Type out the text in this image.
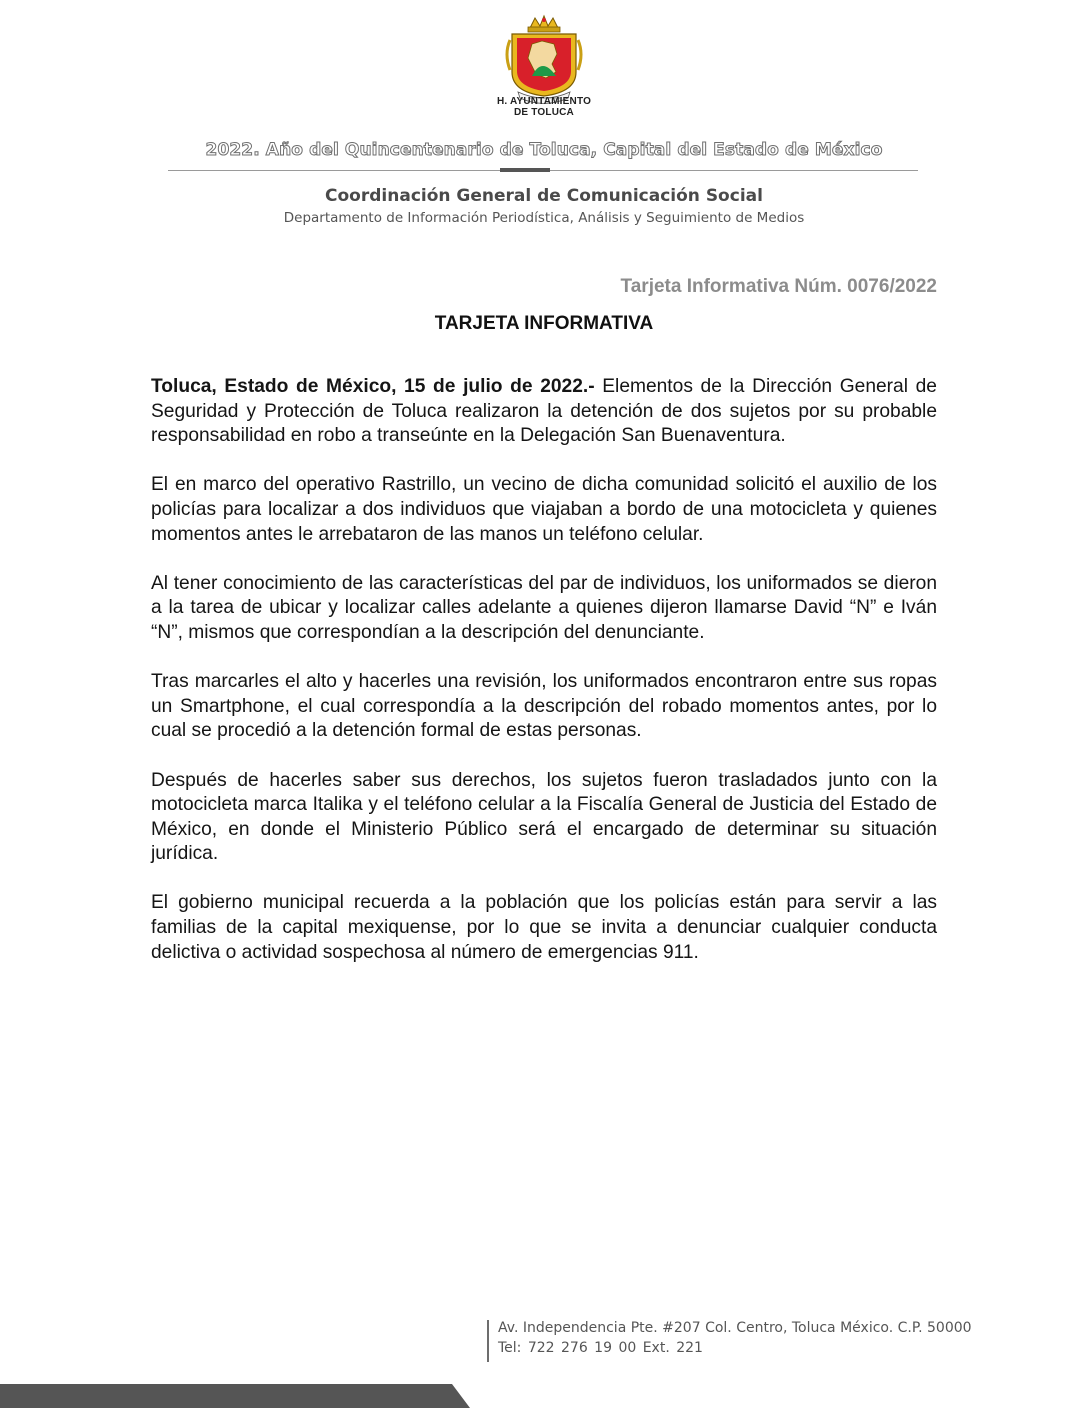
H. AYUNTAMIENTO
DE TOLUCA
2022. Año del Quincentenario de Toluca, Capital del Estado de México
Coordinación General de Comunicación Social
Departamento de Información Periodística, Análisis y Seguimiento de Medios
Tarjeta Informativa Núm. 0076/2022
TARJETA INFORMATIVA

Toluca, Estado de México, 15 de julio de 2022.- Elementos de la Dirección General de Seguridad y Protección de Toluca realizaron la detención de dos sujetos por su probable responsabilidad en robo a transeúnte en la Delegación San Buenaventura.

El en marco del operativo Rastrillo, un vecino de dicha comunidad solicitó el auxilio de los policías para localizar a dos individuos que viajaban a bordo de una motocicleta y quienes momentos antes le arrebataron de las manos un teléfono celular.

Al tener conocimiento de las características del par de individuos, los uniformados se dieron a la tarea de ubicar y localizar calles adelante a quienes dijeron llamarse David “N” e Iván “N”, mismos que correspondían a la descripción del denunciante.

Tras marcarles el alto y hacerles una revisión, los uniformados encontraron entre sus ropas un Smartphone, el cual correspondía a la descripción del robado momentos antes, por lo cual se procedió a la detención formal de estas personas.

Después de hacerles saber sus derechos, los sujetos fueron trasladados junto con la motocicleta marca Italika y el teléfono celular a la Fiscalía General de Justicia del Estado de México, en donde el Ministerio Público será el encargado de determinar su situación jurídica.

El gobierno municipal recuerda a la población que los policías están para servir a las familias de la capital mexiquense, por lo que se invita a denunciar cualquier conducta delictiva o actividad sospechosa al número de emergencias 911.

Av. Independencia Pte. #207 Col. Centro, Toluca México. C.P. 50000
Tel: 722 276 19 00 Ext. 221
